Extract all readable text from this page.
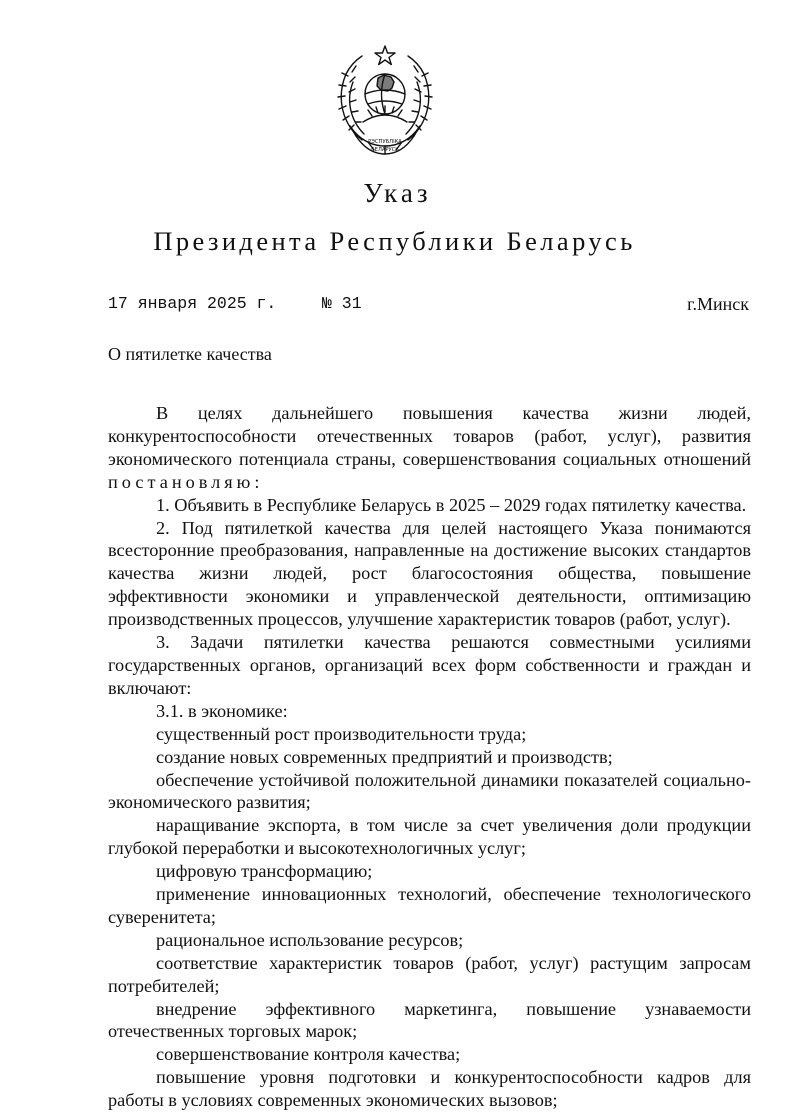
РЭСПУБЛІКА
БЕЛАРУСЬ
Указ
Президента Республики Беларусь
17 января 2025 г.	№ 31	г.Минск
О пятилетке качества

В целях дальнейшего повышения качества жизни людей, конкурентоспособности отечественных товаров (работ, услуг), развития экономического потенциала страны, совершенствования социальных отношений постановляю:

1. Объявить в Республике Беларусь в 2025 – 2029 годах пятилетку качества.

2. Под пятилеткой качества для целей настоящего Указа понимаются всесторонние преобразования, направленные на достижение высоких стандартов качества жизни людей, рост благосостояния общества, повышение эффективности экономики и управленческой деятельности, оптимизацию производственных процессов, улучшение характеристик товаров (работ, услуг).

3. Задачи пятилетки качества решаются совместными усилиями государственных органов, организаций всех форм собственности и граждан и включают:

3.1. в экономике:

существенный рост производительности труда;

создание новых современных предприятий и производств;

обеспечение устойчивой положительной динамики показателей социально-экономического развития;

наращивание экспорта, в том числе за счет увеличения доли продукции глубокой переработки и высокотехнологичных услуг;

цифровую трансформацию;

применение инновационных технологий, обеспечение технологического суверенитета;

рациональное использование ресурсов;

соответствие характеристик товаров (работ, услуг) растущим запросам потребителей;

внедрение эффективного маркетинга, повышение узнаваемости отечественных торговых марок;

совершенствование контроля качества;

повышение уровня подготовки и конкурентоспособности кадров для работы в условиях современных экономических вызовов;
